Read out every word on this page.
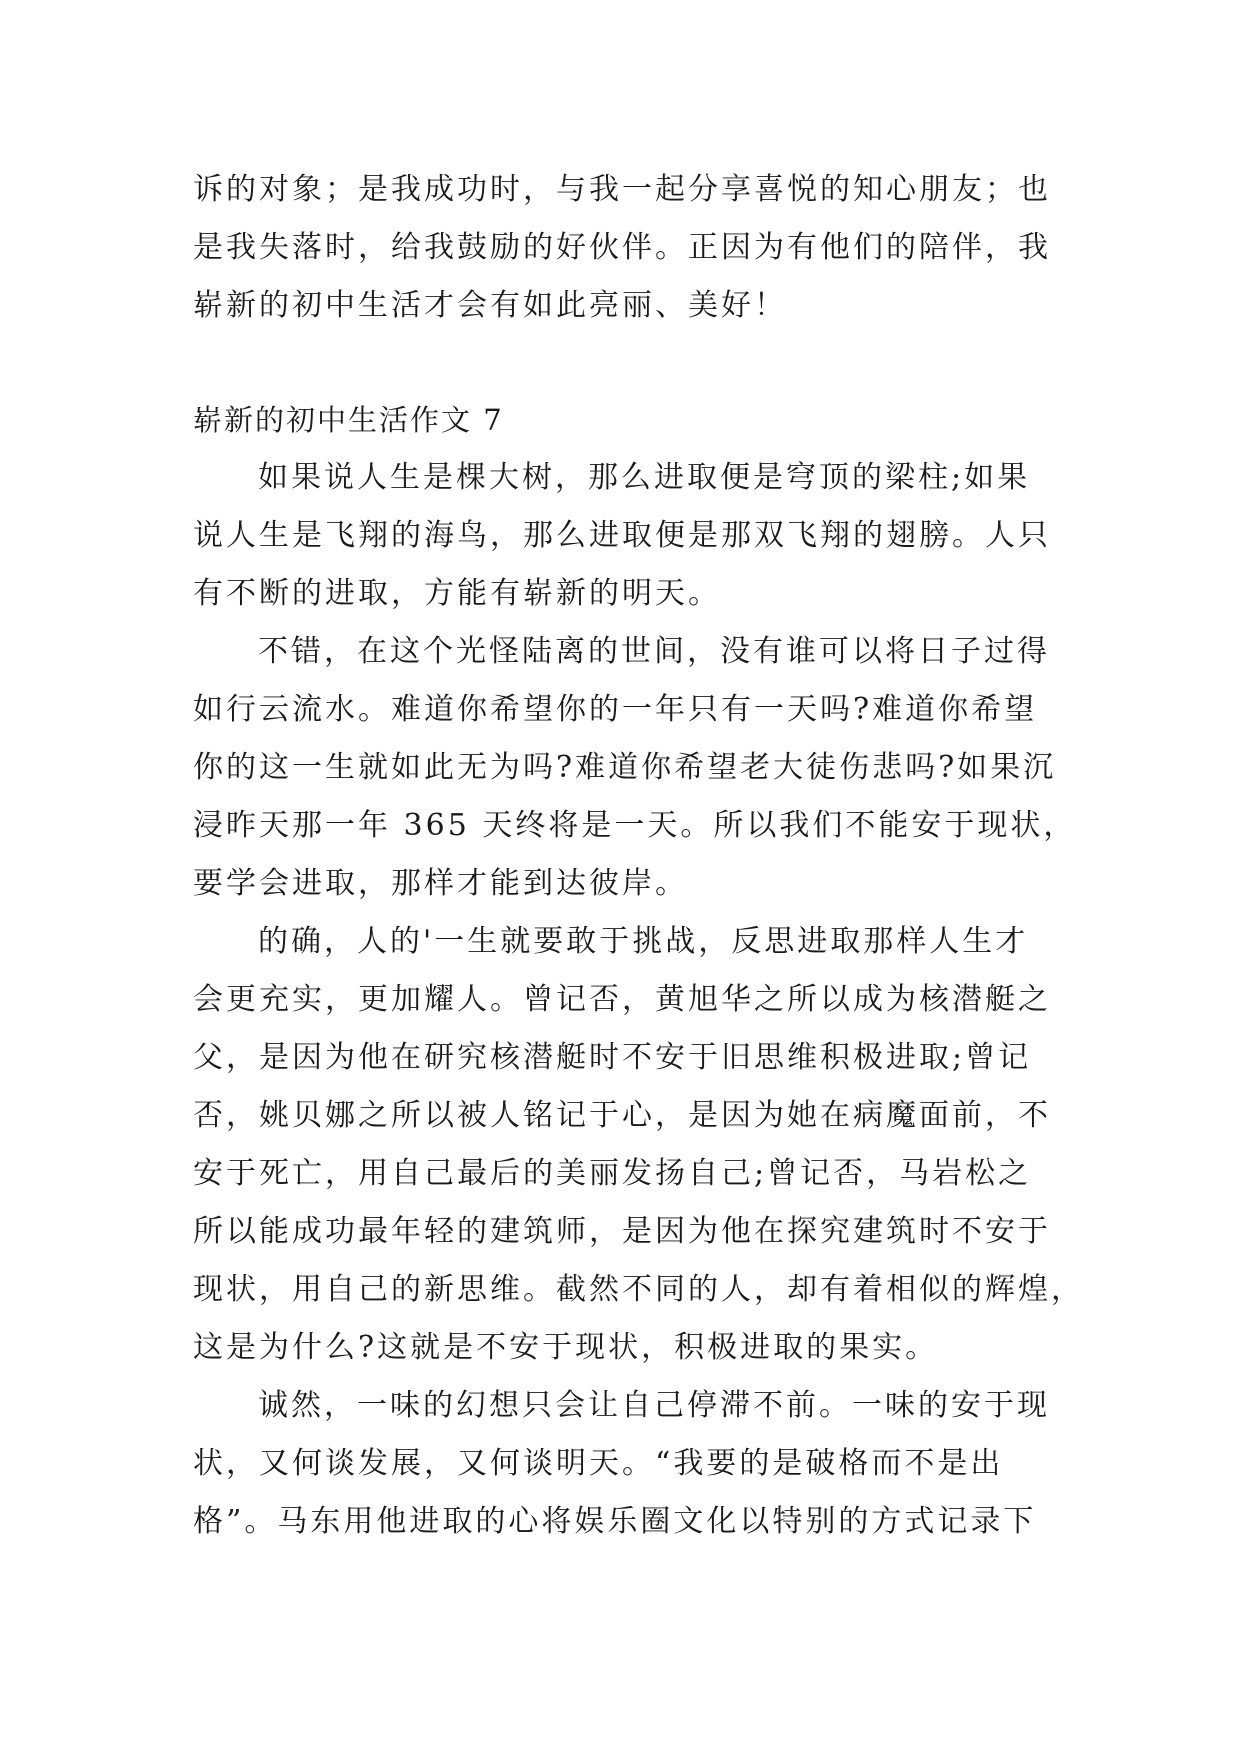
诉的对象；是我成功时，与我一起分享喜悦的知心朋友；也
是我失落时，给我鼓励的好伙伴。正因为有他们的陪伴，我
崭新的初中生活才会有如此亮丽、美好！
崭新的初中生活作文 7
如果说人生是棵大树，那么进取便是穹顶的梁柱;如果
说人生是飞翔的海鸟，那么进取便是那双飞翔的翅膀。人只
有不断的进取，方能有崭新的明天。
不错，在这个光怪陆离的世间，没有谁可以将日子过得
如行云流水。难道你希望你的一年只有一天吗?难道你希望
你的这一生就如此无为吗?难道你希望老大徒伤悲吗?如果沉
浸昨天那一年 365 天终将是一天。所以我们不能安于现状，
要学会进取，那样才能到达彼岸。
的确，人的'一生就要敢于挑战，反思进取那样人生才
会更充实，更加耀人。曾记否，黄旭华之所以成为核潜艇之
父，是因为他在研究核潜艇时不安于旧思维积极进取;曾记
否，姚贝娜之所以被人铭记于心，是因为她在病魔面前，不
安于死亡，用自己最后的美丽发扬自己;曾记否，马岩松之
所以能成功最年轻的建筑师，是因为他在探究建筑时不安于
现状，用自己的新思维。截然不同的人，却有着相似的辉煌，
这是为什么?这就是不安于现状，积极进取的果实。
诚然，一味的幻想只会让自己停滞不前。一味的安于现
状，又何谈发展，又何谈明天。“我要的是破格而不是出
格”。马东用他进取的心将娱乐圈文化以特别的方式记录下
